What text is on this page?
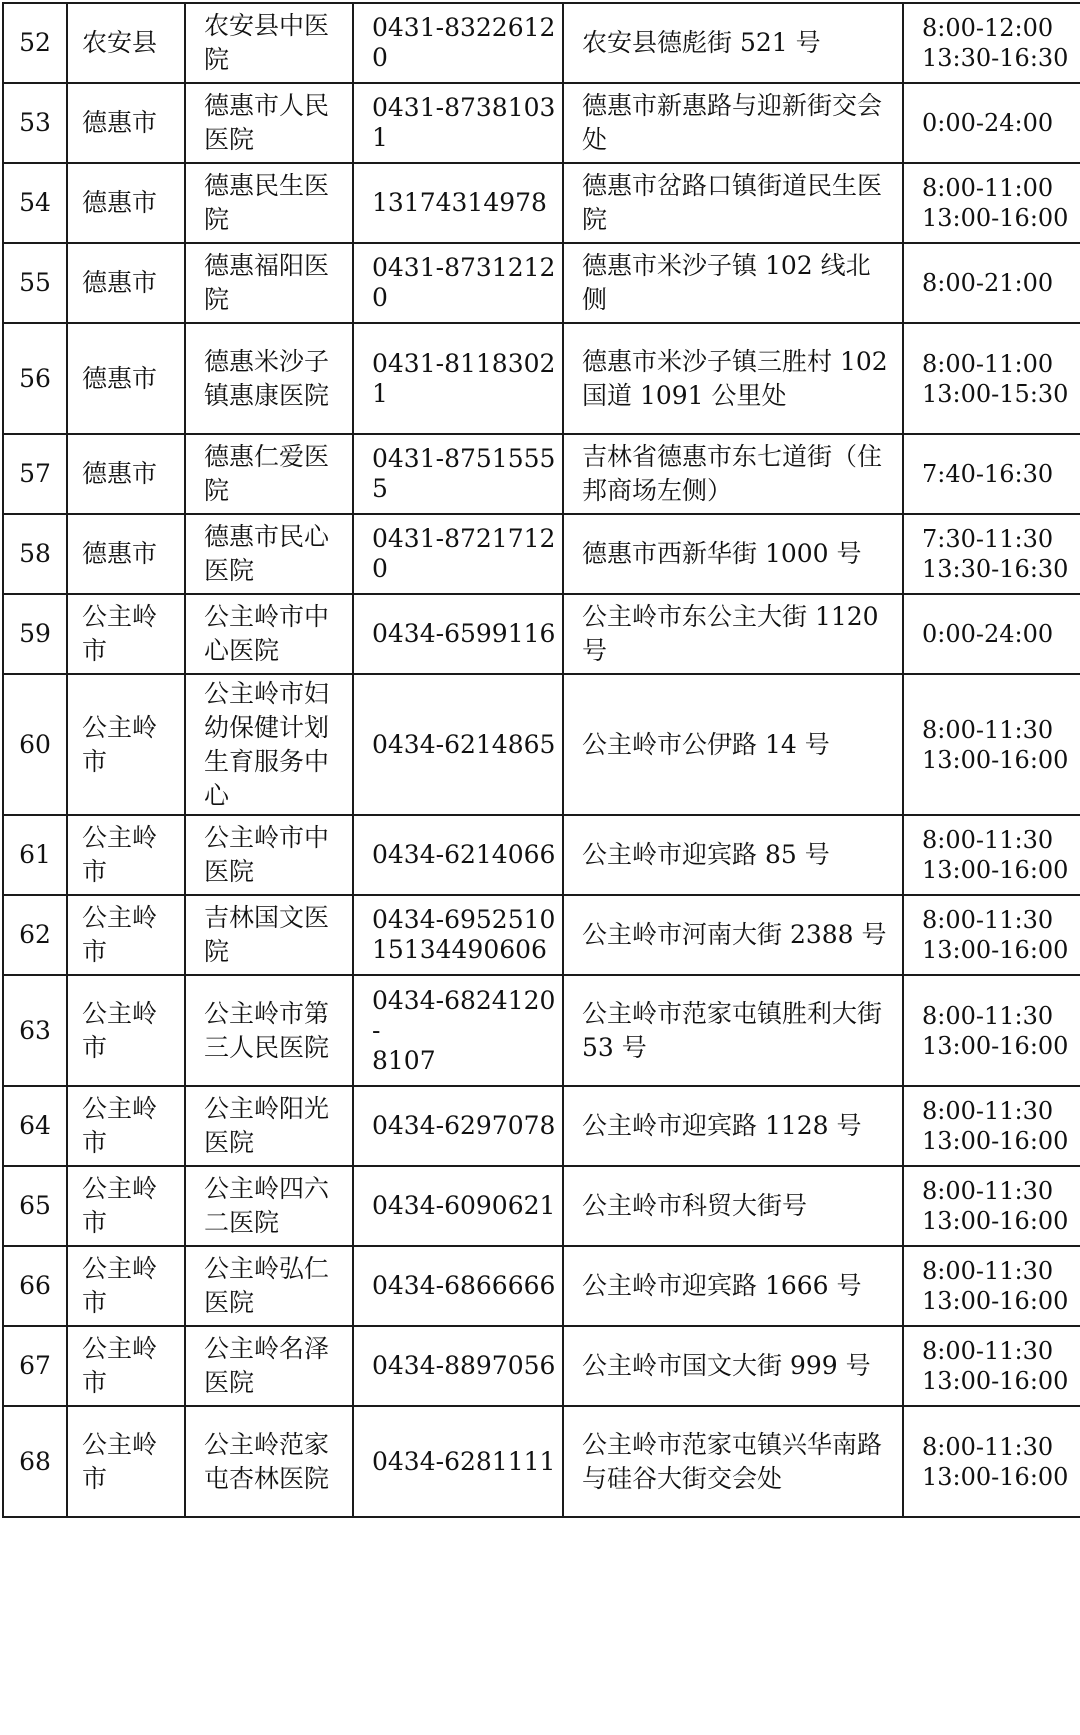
52	农安县	农安县中医院	0431-83226120	农安县德彪街 521 号	8:00-12:00
13:30-16:30

53	德惠市	德惠市人民医院	0431-87381031	德惠市新惠路与迎新街交会处	0:00-24:00

54	德惠市	德惠民生医院	13174314978	德惠市岔路口镇街道民生医院	8:00-11:00
13:00-16:00

55	德惠市	德惠福阳医院	0431-87312120	德惠市米沙子镇 102 线北侧	8:00-21:00

56	德惠市	德惠米沙子镇惠康医院	0431-81183021	德惠市米沙子镇三胜村 102 国道 1091 公里处	8:00-11:00
13:00-15:30

57	德惠市	德惠仁爱医院	0431-87515555	吉林省德惠市东七道街（住邦商场左侧）	7:40-16:30

58	德惠市	德惠市民心医院	0431-87217120	德惠市西新华街 1000 号	7:30-11:30
13:30-16:30

59	公主岭市	公主岭市中心医院	0434-6599116	公主岭市东公主大街 1120 号	0:00-24:00

60	公主岭市	公主岭市妇幼保健计划生育服务中心	0434-6214865	公主岭市公伊路 14 号	8:00-11:30
13:00-16:00

61	公主岭市	公主岭市中医院	0434-6214066	公主岭市迎宾路 85 号	8:00-11:30
13:00-16:00

62	公主岭市	吉林国文医院	0434-6952510
15134490606	公主岭市河南大街 2388 号	8:00-11:30
13:00-16:00

63	公主岭市	公主岭市第三人民医院	0434-6824120-
8107	公主岭市范家屯镇胜利大街 53 号	8:00-11:30
13:00-16:00

64	公主岭市	公主岭阳光医院	0434-6297078	公主岭市迎宾路 1128 号	8:00-11:30
13:00-16:00

65	公主岭市	公主岭四六二医院	0434-6090621	公主岭市科贸大街号	8:00-11:30
13:00-16:00

66	公主岭市	公主岭弘仁医院	0434-6866666	公主岭市迎宾路 1666 号	8:00-11:30
13:00-16:00

67	公主岭市	公主岭名泽医院	0434-8897056	公主岭市国文大街 999 号	8:00-11:30
13:00-16:00

68	公主岭市	公主岭范家屯杏林医院	0434-6281111	公主岭市范家屯镇兴华南路与硅谷大街交会处	8:00-11:30
13:00-16:00
